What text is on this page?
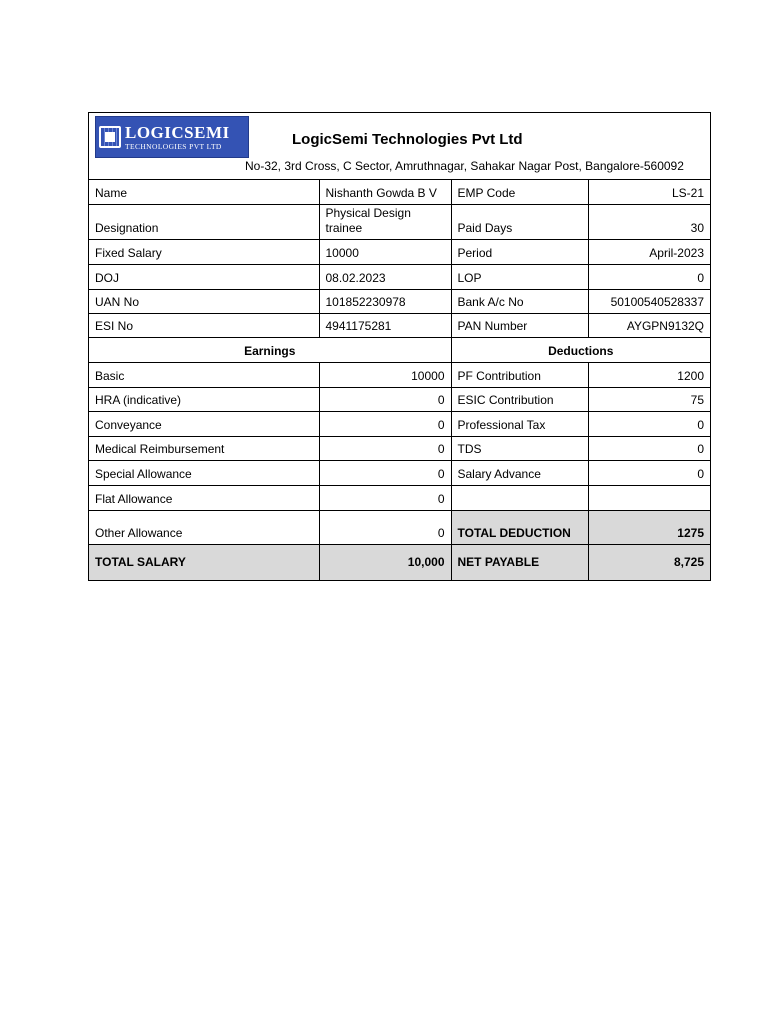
LOGICSEMI
TECHNOLOGIES PVT LTD	LogicSemi Technologies Pvt Ltd
No-32, 3rd Cross, C Sector, Amruthnagar, Sahakar Nagar Post, Bangalore-560092
Name	Nishanth Gowda B V	EMP Code	LS-21
Designation	Physical Design trainee	Paid Days	30
Fixed Salary	10000	Period	April-2023
DOJ	08.02.2023	LOP	0
UAN No	101852230978	Bank A/c No	50100540528337
ESI No	4941175281	PAN Number	AYGPN9132Q
Earnings		Deductions	
Basic	10000	PF Contribution	1200
HRA (indicative)	0	ESIC Contribution	75
Conveyance	0	Professional Tax	0
Medical Reimbursement	0	TDS	0
Special Allowance	0	Salary Advance	0
Flat Allowance	0		
Other Allowance	0	TOTAL DEDUCTION	1275
TOTAL SALARY	10,000	NET PAYABLE	8,725
